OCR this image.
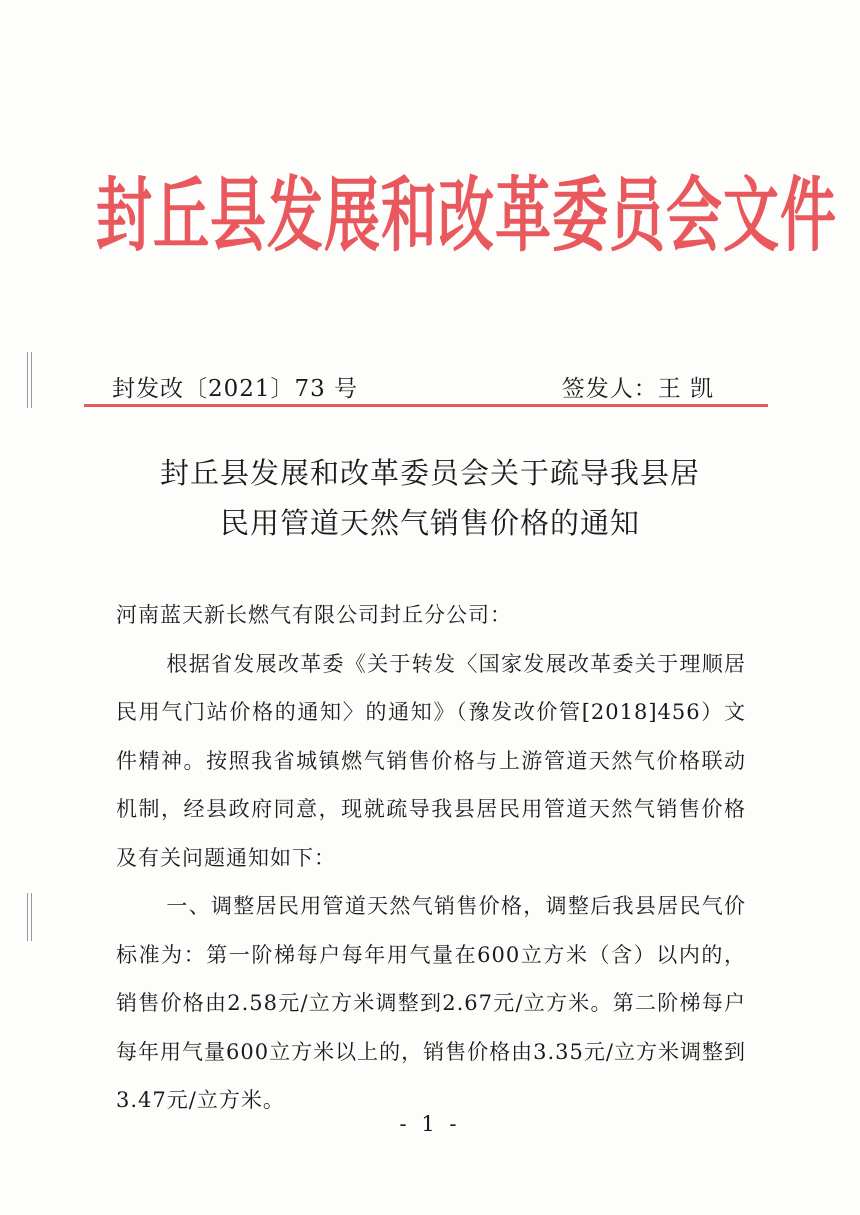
封丘县发展和改革委员会文件
封发改〔2021〕73 号	签发人：王 凯
封丘县发展和改革委员会关于疏导我县居
民用管道天然气销售价格的通知

河南蓝天新长燃气有限公司封丘分公司：

根据省发展改革委《关于转发〈国家发展改革委关于理顺居民用气门站价格的通知〉的通知》（豫发改价管[2018]456）文件精神。按照我省城镇燃气销售价格与上游管道天然气价格联动机制，经县政府同意，现就疏导我县居民用管道天然气销售价格及有关问题通知如下：

一、调整居民用管道天然气销售价格，调整后我县居民气价标准为：第一阶梯每户每年用气量在600立方米（含）以内的，销售价格由2.58元/立方米调整到2.67元/立方米。第二阶梯每户每年用气量600立方米以上的，销售价格由3.35元/立方米调整到3.47元/立方米。

- 1 -
